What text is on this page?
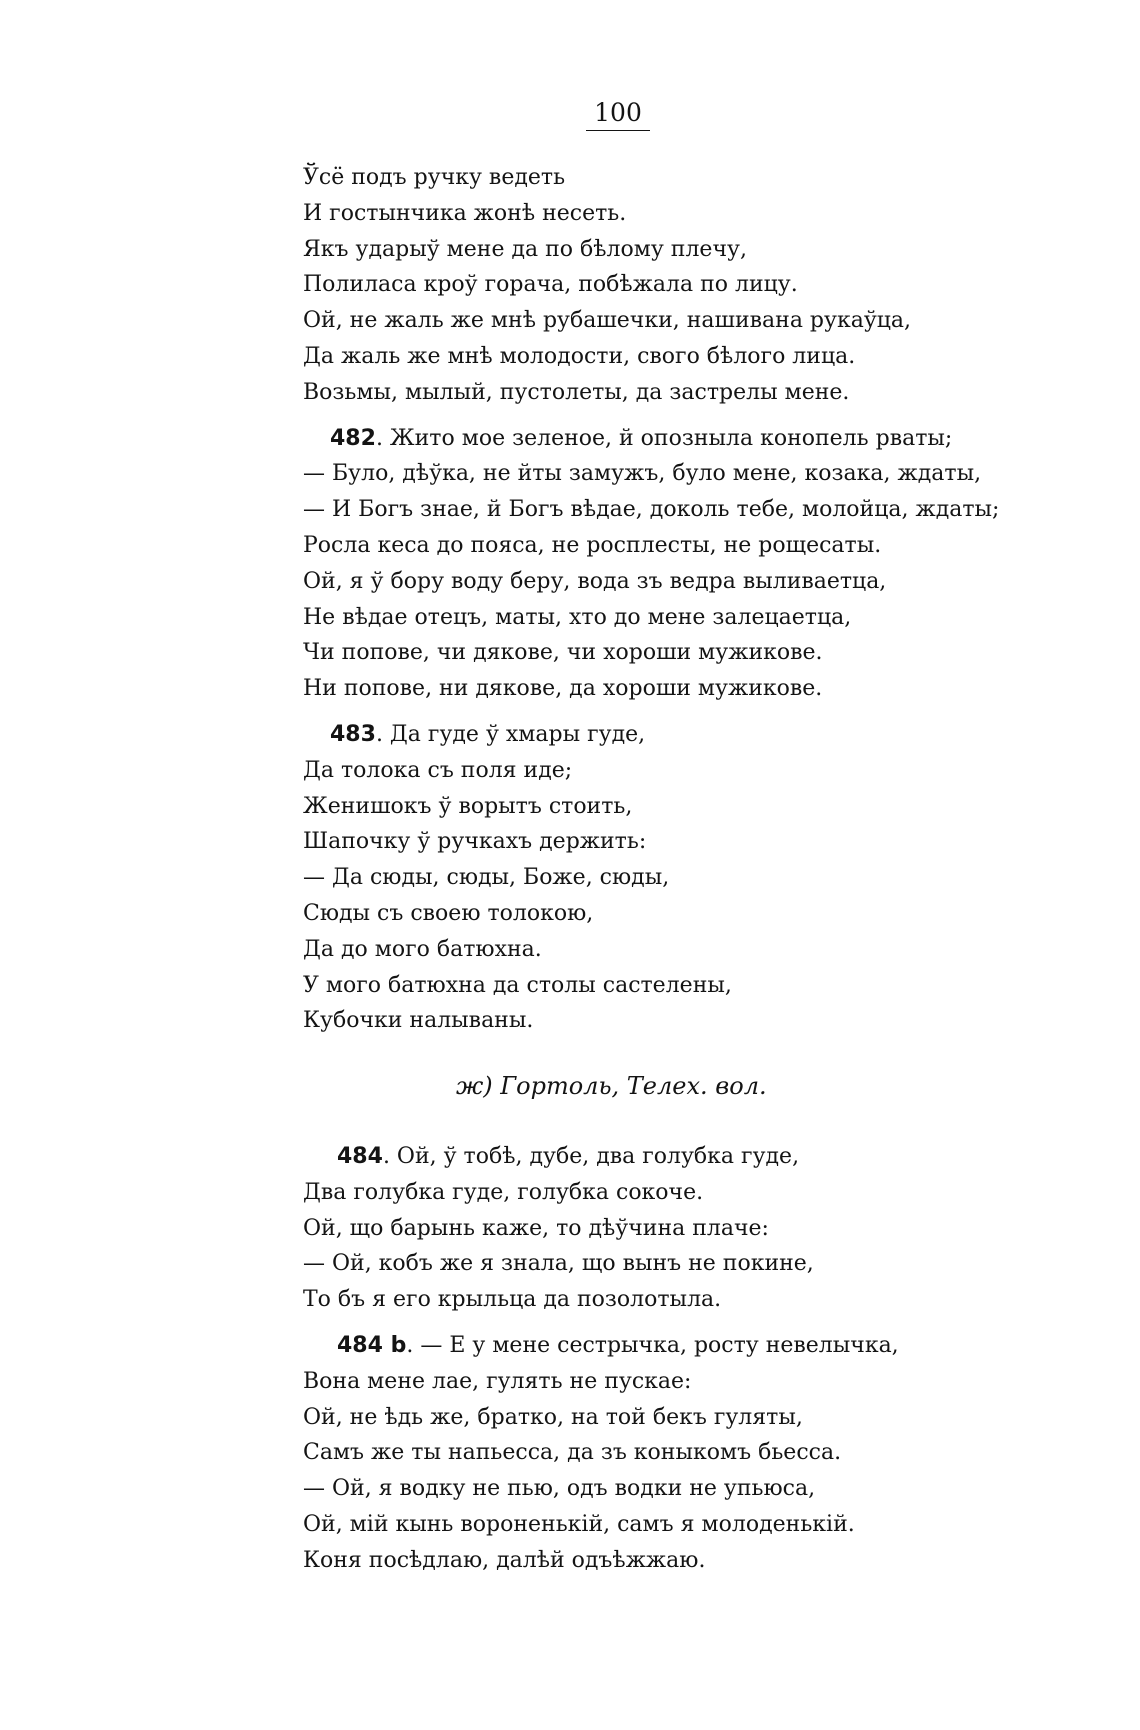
100
Ўсё подъ ручку ведеть
И гостынчика жонѣ несеть.
Якъ ударыў мене да по бѣлому плечу,
Полиласа кроў горача, побѣжала по лицу.
Ой, не жаль же мнѣ рубашечки, нашивана рукаўца,
Да жаль же мнѣ молодости, свого бѣлого лица.
Возьмы, мылый, пустолеты, да застрелы мене.
482. Жито мое зеленое, й опозныла конопель рваты;
— Було, дѣўка, не йты замужъ, було мене, козака, ждаты,
— И Богъ знае, й Богъ вѣдае, доколь тебе, молойца, ждаты;
Росла кеса до пояса, не росплесты, не рощесаты.
Ой, я ў бору воду беру, вода зъ ведра выливаетца,
Не вѣдае отецъ, маты, хто до мене залецаетца,
Чи попове, чи дякове, чи хороши мужикове.
Ни попове, ни дякове, да хороши мужикове.
483. Да гуде ў хмары гуде,
Да толока съ поля иде;
Женишокъ ў ворытъ стоить,
Шапочку ў ручкахъ держить:
— Да сюды, сюды, Боже, сюды,
Сюды съ своею толокою,
Да до мого батюхна.
У мого батюхна да столы састелены,
Кубочки налываны.
ж) Гортоль, Телех. вол.
484. Ой, ў тобѣ, дубе, два голубка гуде,
Два голубка гуде, голубка сокоче.
Ой, що барынь каже, то дѣўчина плаче:
— Ой, кобъ же я знала, що вынъ не покине,
То бъ я его крыльца да позолотыла.
484 b. — Е у мене сестрычка, росту невелычка,
Вона мене лае, гулять не пускае:
Ой, не ѣдь же, братко, на той бекъ гуляты,
Самъ же ты напьесса, да зъ коныкомъ бьесса.
— Ой, я водку не пью, одъ водки не упьюса,
Ой, мiй кынь вороненькiй, самъ я молоденькiй.
Коня посѣдлаю, далѣй одъѣжжаю.
